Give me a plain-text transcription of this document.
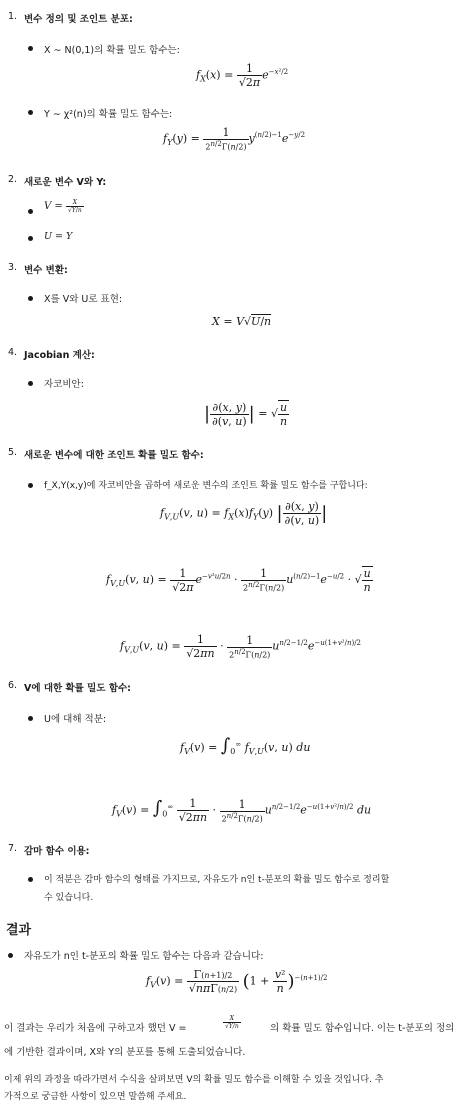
1. 변수 정의 및 조인트 분포:
X ∼ N(0,1)의 확률 밀도 함수는:
$f_X(x) = \frac{1}{√2\pi} e^{-x^2/2}$
Y ∼ χ²(n)의 확률 밀도 함수는:
$f_Y(y) = \frac{1}{2^{n/2}\Gamma(n/2)} y^{(n/2)-1}e^{-y/2}$
2. 새로운 변수 V와 Y:
$V = \frac{X}{√Y/n}$
U = Y
3. 변수 변환:
X를 V와 U로 표현:
X = V√U/n
4. Jacobian 계산:
자코비안:
| $\frac{\partial(x, y)}{\partial(v, u)}$ | = √ $\frac{u}{n}$
5. 새로운 변수에 대한 조인트 확률 밀도 함수:
f_X,Y(x,y)에 자코비안을 곱하여 새로운 변수의 조인트 확률 밀도 함수를 구합니다:
$f_{V,U}(v$, $u) = f_X(x)f_Y(y)$ | $\frac{\partial(x, y)}{\partial(v, u)}$ |
$f_{V,U}(v$, $u) = \frac{1}{√2\pi} e^{-v^2u/2n} \cdot \frac{1}{2^{n/2}\Gamma(n/2)} u^{(n/2)-1}e^{-u/2}$ · √ $\frac{u}{n}$
$f_{V,U}(v$, $u) = \frac{1}{√2\pi n} \cdot \frac{1}{2^{n/2}\Gamma(n/2)} u^{n/2-1/2}e^{-u(1+v^2/n)/2}$
6. V에 대한 확률 밀도 함수:
U에 대해 적분:
$f_V(v) = \int_0^\infty$ $f_{V,U}(v$, u) du
$f_V(v) = \int_0^\infty \frac{1}{√2\pi n} \cdot \frac{1}{2^{n/2}\Gamma(n/2)} u^{n/2-1/2}e^{-u(1+v^2/n)/2}$ du
7. 감마 함수 이용:
이 적분은 감마 함수의 형태를 가지므로, 자유도가 n인 t-분포의 확률 밀도 함수로 정리할
수 있습니다.
결과
자유도가 n인 t-분포의 확률 밀도 함수는 다음과 같습니다:
$f_V(v) = \frac{\Gamma(n+1)/2}{\text{√nπΓ(n/2)}} (1 + \frac{\text{v²}}{n} )^{-(n+1)/2}$
이 결과는 우리가 처음에 구하고자 했던 V =	$\frac{X}{√Y/n}$	의 확률 밀도 함수입니다. 이는 t-분포의 정의
에 기반한 결과이며, X와 Y의 분포를 통해 도출되었습니다.
이제 위의 과정을 따라가면서 수식을 살펴보면 V의 확률 밀도 함수를 이해할 수 있을 것입니다. 추
가적으로 궁금한 사항이 있으면 말씀해 주세요.
